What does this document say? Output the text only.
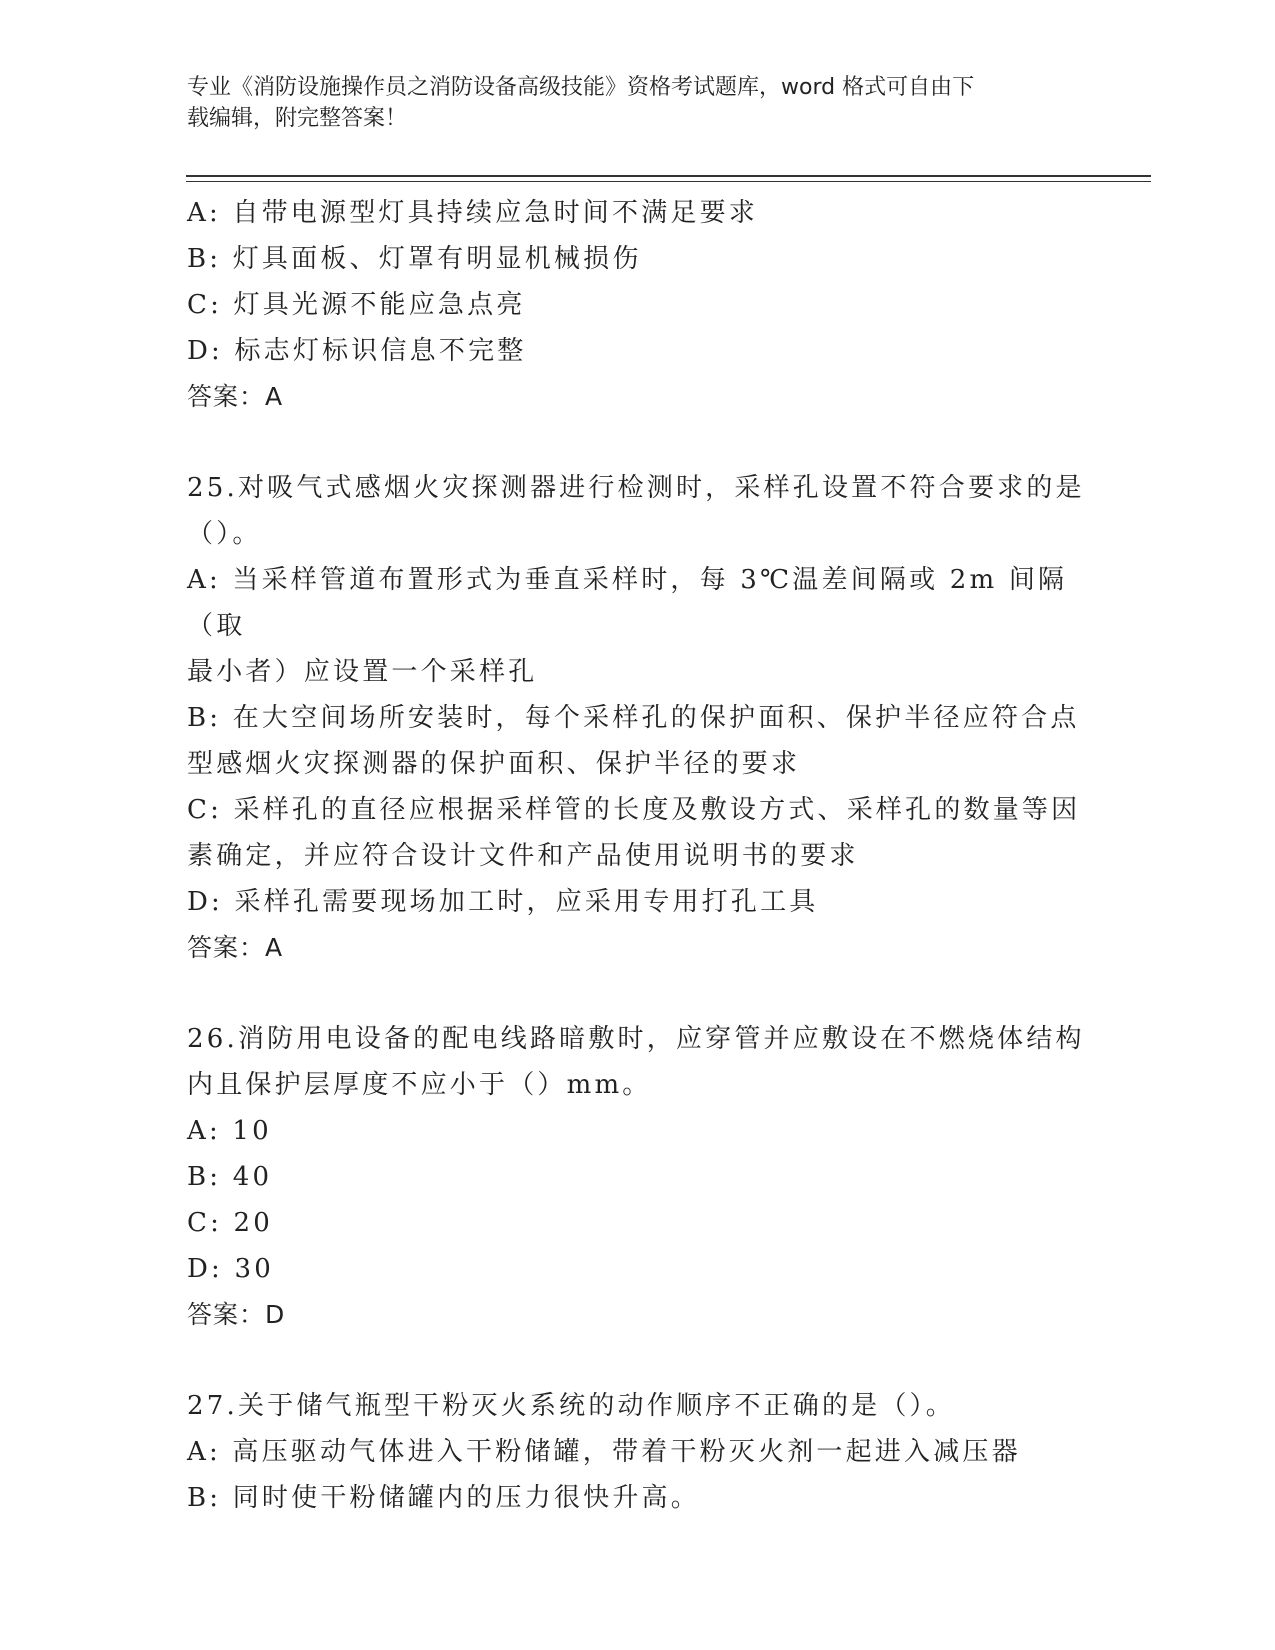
专业《消防设施操作员之消防设备高级技能》资格考试题库，word 格式可自由下
载编辑，附完整答案！
A: 自带电源型灯具持续应急时间不满足要求
B: 灯具面板、灯罩有明显机械损伤
C: 灯具光源不能应急点亮
D: 标志灯标识信息不完整
答案：A
25.对吸气式感烟火灾探测器进行检测时，采样孔设置不符合要求的是
（）。
A: 当采样管道布置形式为垂直采样时，每 3℃温差间隔或 2m 间隔（取
最小者）应设置一个采样孔
B: 在大空间场所安装时，每个采样孔的保护面积、保护半径应符合点
型感烟火灾探测器的保护面积、保护半径的要求
C: 采样孔的直径应根据采样管的长度及敷设方式、采样孔的数量等因
素确定，并应符合设计文件和产品使用说明书的要求
D: 采样孔需要现场加工时，应采用专用打孔工具
答案：A
26.消防用电设备的配电线路暗敷时，应穿管并应敷设在不燃烧体结构
内且保护层厚度不应小于（）mm。
A: 10
B: 40
C: 20
D: 30
答案：D
27.关于储气瓶型干粉灭火系统的动作顺序不正确的是（）。
A: 高压驱动气体进入干粉储罐，带着干粉灭火剂一起进入减压器
B: 同时使干粉储罐内的压力很快升高。
